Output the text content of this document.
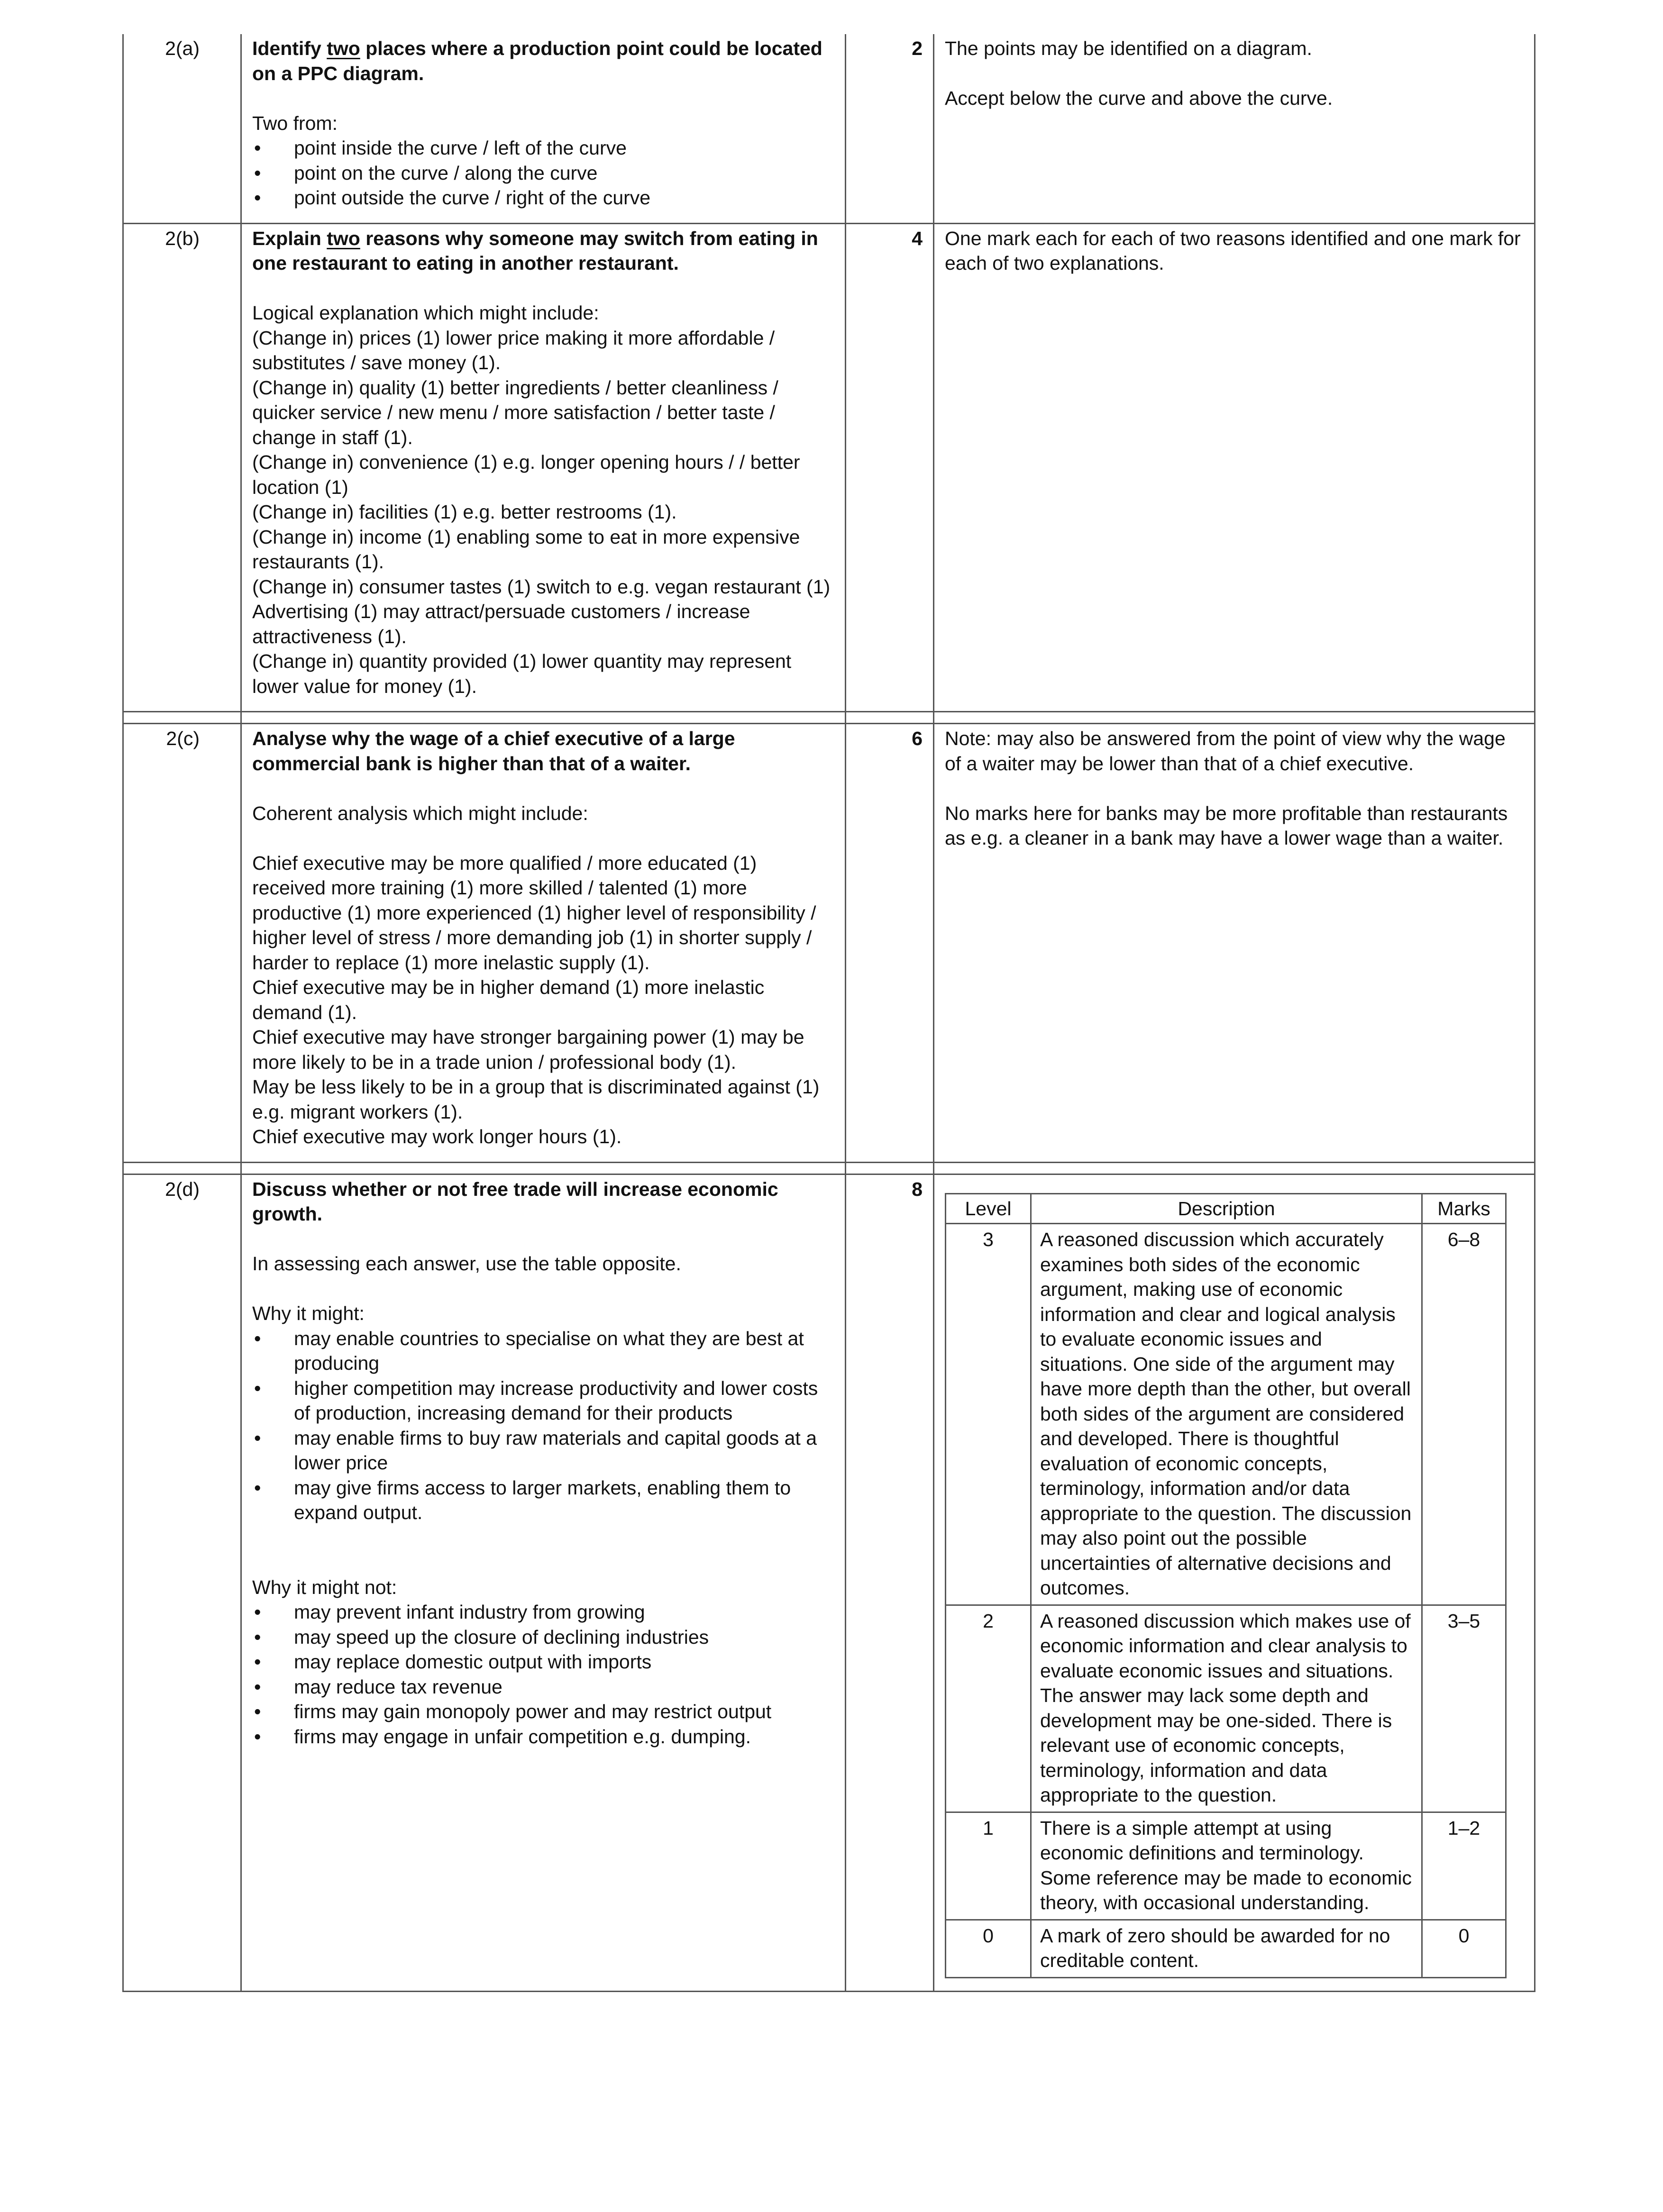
2(a)	Identify two places where a production point could be located on a PPC diagram.
Two from:
• point inside the curve / left of the curve
• point on the curve / along the curve
• point outside the curve / right of the curve
	2	The points may be identified on a diagram.
Accept below the curve and above the curve.

2(b)	Explain two reasons why someone may switch from eating in one restaurant to eating in another restaurant.
Logical explanation which might include:
(Change in) prices (1) lower price making it more affordable / substitutes / save money (1).
(Change in) quality (1) better ingredients / better cleanliness / quicker service / new menu / more satisfaction / better taste / change in staff (1).
(Change in) convenience (1) e.g. longer opening hours / / better location (1)
(Change in) facilities (1) e.g. better restrooms (1).
(Change in) income (1) enabling some to eat in more expensive restaurants (1).
(Change in) consumer tastes (1) switch to e.g. vegan restaurant (1)
Advertising (1) may attract/persuade customers / increase attractiveness (1).
(Change in) quantity provided (1) lower quantity may represent lower value for money (1).
	4	One mark each for each of two reasons identified and one mark for each of two explanations.

2(c)	Analyse why the wage of a chief executive of a large commercial bank is higher than that of a waiter.
Coherent analysis which might include:
Chief executive may be more qualified / more educated (1) received more training (1) more skilled / talented (1) more productive (1) more experienced (1) higher level of responsibility / higher level of stress / more demanding job (1) in shorter supply / harder to replace (1) more inelastic supply (1).
Chief executive may be in higher demand (1) more inelastic demand (1).
Chief executive may have stronger bargaining power (1) may be more likely to be in a trade union / professional body (1).
May be less likely to be in a group that is discriminated against (1) e.g. migrant workers (1).
Chief executive may work longer hours (1).
	6	Note: may also be answered from the point of view why the wage of a waiter may be lower than that of a chief executive.
No marks here for banks may be more profitable than restaurants as e.g. a cleaner in a bank may have a lower wage than a waiter.

2(d)	Discuss whether or not free trade will increase economic growth.
In assessing each answer, use the table opposite.
Why it might:
• may enable countries to specialise on what they are best at producing
• higher competition may increase productivity and lower costs of production, increasing demand for their products
• may enable firms to buy raw materials and capital goods at a lower price
• may give firms access to larger markets, enabling them to expand output.
Why it might not:
• may prevent infant industry from growing
• may speed up the closure of declining industries
• may replace domestic output with imports
• may reduce tax revenue
• firms may gain monopoly power and may restrict output
• firms may engage in unfair competition e.g. dumping.
	8	
Level	Description	Marks
3	A reasoned discussion which accurately examines both sides of the economic argument, making use of economic information and clear and logical analysis to evaluate economic issues and situations. One side of the argument may have more depth than the other, but overall both sides of the argument are considered and developed. There is thoughtful evaluation of economic concepts, terminology, information and/or data appropriate to the question. The discussion may also point out the possible uncertainties of alternative decisions and outcomes.	6–8
2	A reasoned discussion which makes use of economic information and clear analysis to evaluate economic issues and situations. The answer may lack some depth and development may be one-sided. There is relevant use of economic concepts, terminology, information and data appropriate to the question.	3–5
1	There is a simple attempt at using economic definitions and terminology. Some reference may be made to economic theory, with occasional understanding.	1–2
0	A mark of zero should be awarded for no creditable content.	0
